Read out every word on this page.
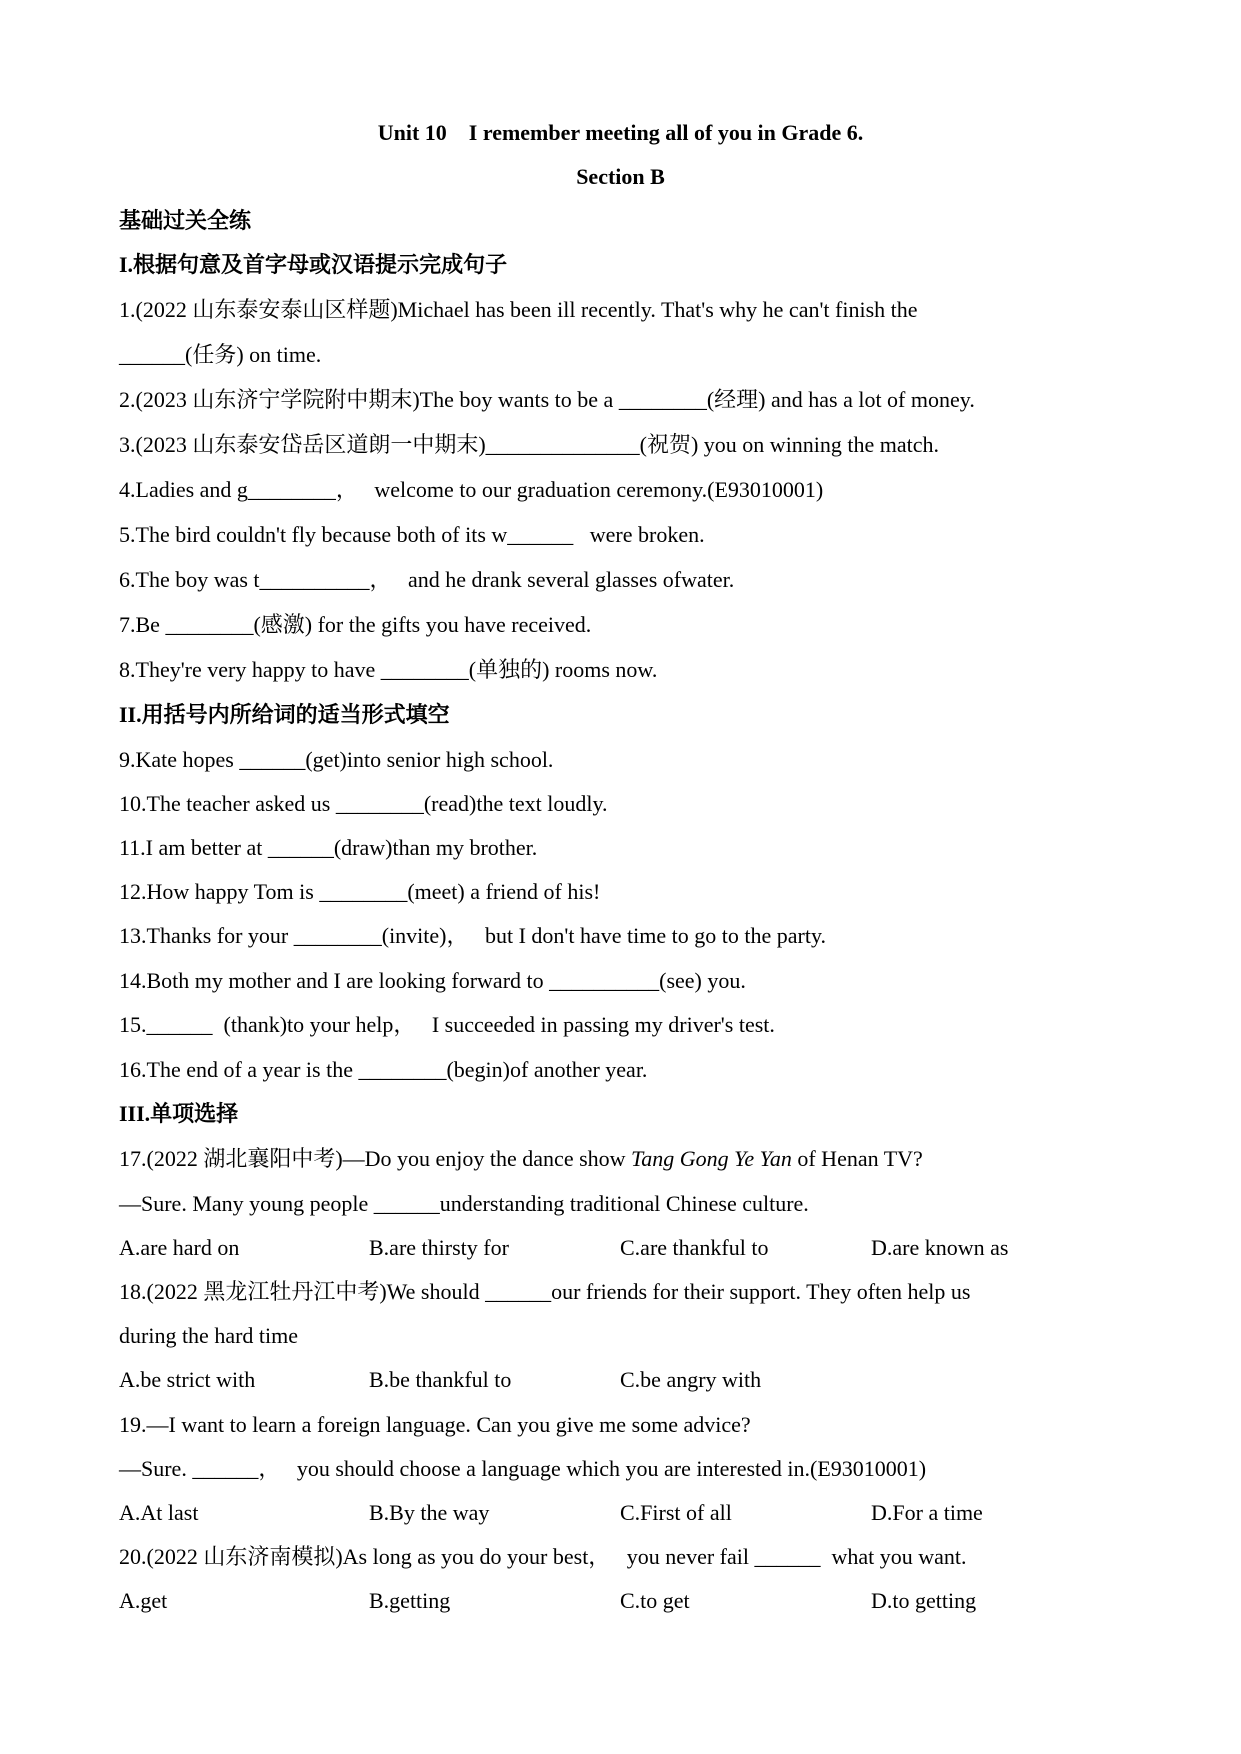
Unit 10    I remember meeting all of you in Grade 6.
Section B
基础过关全练
I.根据句意及首字母或汉语提示完成句子
1.(2022 山东泰安泰山区样题)Michael has been ill recently. That's why he can't finish the
______(任务) on time.
2.(2023 山东济宁学院附中期末)The boy wants to be a ________(经理) and has a lot of money.
3.(2023 山东泰安岱岳区道朗一中期末)______________(祝贺) you on winning the match.
4.Ladies and g________，   welcome to our graduation ceremony.(E93010001)
5.The bird couldn't fly because both of its w______   were broken.
6.The boy was t__________，   and he drank several glasses ofwater.
7.Be ________(感激) for the gifts you have received.
8.They're very happy to have ________(单独的) rooms now.
II.用括号内所给词的适当形式填空
9.Kate hopes ______(get)into senior high school.
10.The teacher asked us ________(read)the text loudly.
11.I am better at ______(draw)than my brother.
12.How happy Tom is ________(meet) a friend of his!
13.Thanks for your ________(invite)，   but I don't have time to go to the party.
14.Both my mother and I are looking forward to __________(see) you.
15.______  (thank)to your help，   I succeeded in passing my driver's test.
16.The end of a year is the ________(begin)of another year.
III.单项选择
17.(2022 湖北襄阳中考)—Do you enjoy the dance show Tang Gong Ye Yan of Henan TV?
—Sure. Many young people ______understanding traditional Chinese culture.
A.are hard on	B.are thirsty for	C.are thankful to	D.are known as
18.(2022 黑龙江牡丹江中考)We should ______our friends for their support. They often help us
during the hard time
A.be strict with	B.be thankful to	C.be angry with
19.—I want to learn a foreign language. Can you give me some advice?
—Sure. ______，   you should choose a language which you are interested in.(E93010001)
A.At last	B.By the way	C.First of all	D.For a time
20.(2022 山东济南模拟)As long as you do your best，   you never fail ______  what you want.
A.get	B.getting	C.to get	D.to getting
